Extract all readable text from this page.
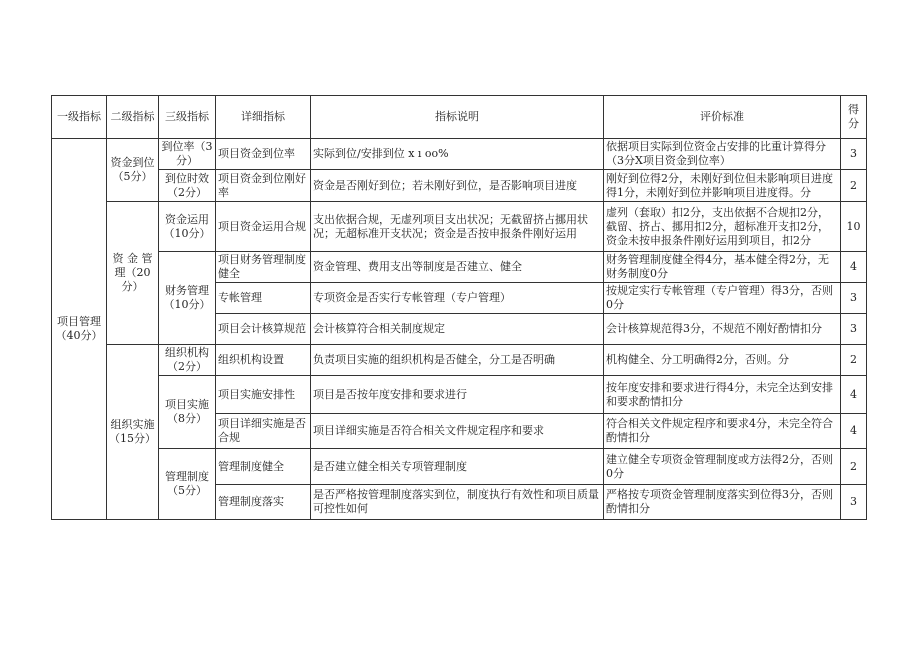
一级指标	二级指标	三级指标	详细指标	指标说明	评价标准	得分
项目管理（40分）	资金到位（5分）	到位率（3分）	项目资金到位率	实际到位/安排到位 x ı oo%	依据项目实际到位资金占安排的比重计算得分（3分X项目资金到位率）	3
		到位时效（2分）	项目资金到位刚好率	资金是否刚好到位；若未刚好到位，是否影响项目进度	刚好到位得2分，未刚好到位但未影响项目进度得1分，未刚好到位并影响项目进度得。分	2
	资 金 管 理（20分）	资金运用（10分）	项目资金运用合规	支出依据合规，无虚列项目支出状况；无截留挤占挪用状况；无超标准开支状况；资金是否按申报条件刚好运用	虚列（套取）扣2分，支出依据不合规扣2分，截留、挤占、挪用扣2分，超标准开支扣2分，资金未按申报条件刚好运用到项目，扣2分	10
		财务管理（10分）	项目财务管理制度健全	资金管理、费用支出等制度是否建立、健全	财务管理制度健全得4分，基本健全得2分，无财务制度0分	4
			专帐管理	专项资金是否实行专帐管理（专户管理）	按规定实行专帐管理（专户管理）得3分，否则0分	3
			项目会计核算规范	会计核算符合相关制度规定	会计核算规范得3分，不规范不刚好酌情扣分	3
	组织实施（15分）	组织机构（2分）	组织机构设置	负责项目实施的组织机构是否健全，分工是否明确	机构健全、分工明确得2分，否则。分	2
		项目实施（8分）	项目实施安排性	项目是否按年度安排和要求进行	按年度安排和要求进行得4分，未完全达到安排和要求酌情扣分	4
			项目详细实施是否合规	项目详细实施是否符合相关文件规定程序和要求	符合相关文件规定程序和要求4分，未完全符合酌情扣分	4
		管理制度（5分）	管理制度健全	是否建立健全相关专项管理制度	建立健全专项资金管理制度或方法得2分，否则0分	2
			管理制度落实	是否严格按管理制度落实到位，制度执行有效性和项目质量可控性如何	严格按专项资金管理制度落实到位得3分，否则酌情扣分	3
